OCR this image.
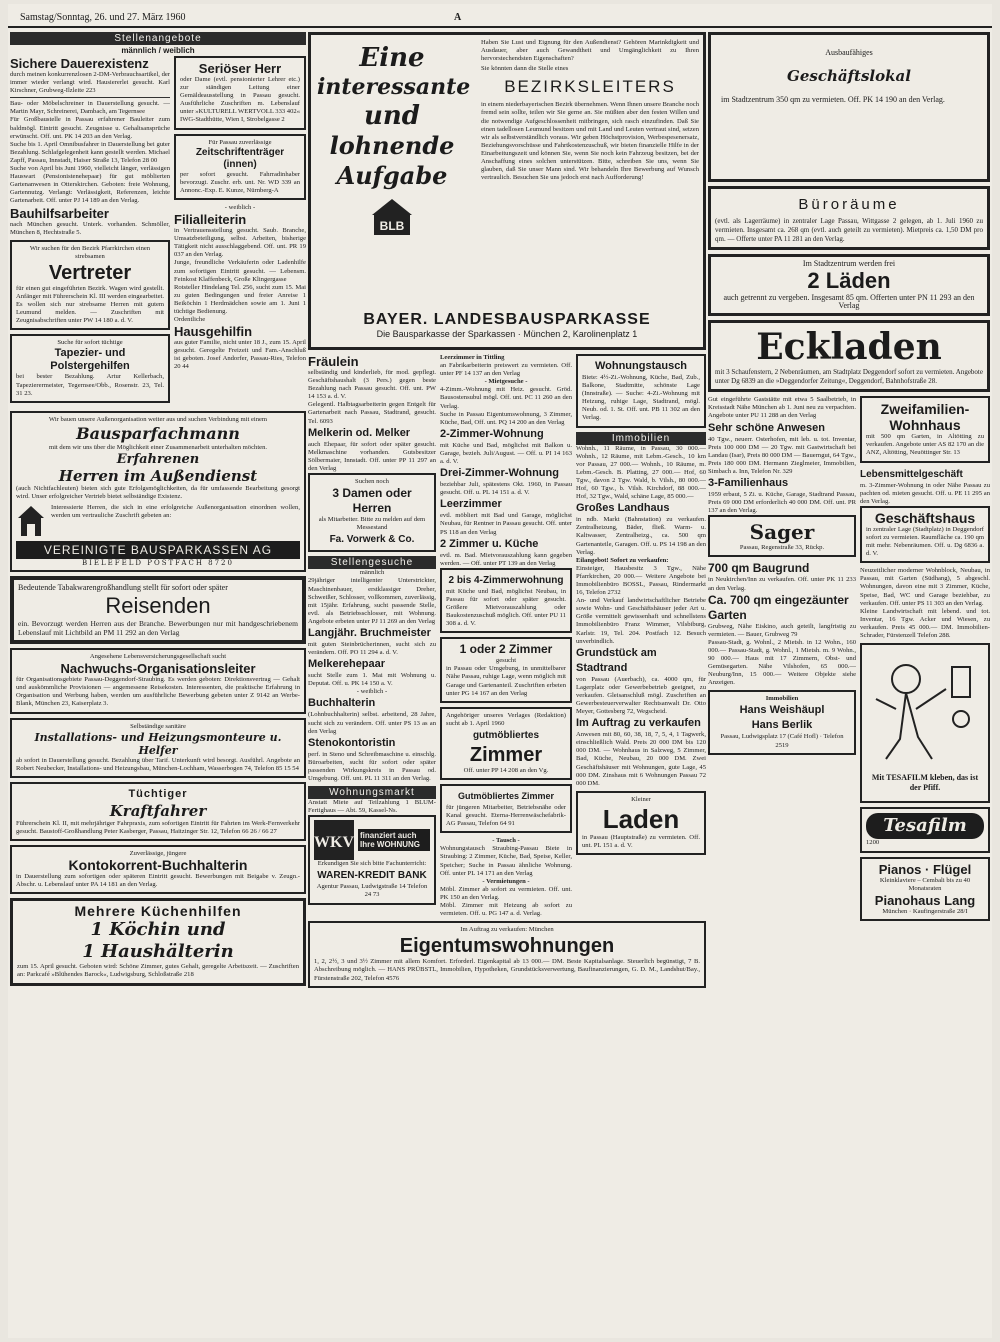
Samstag/Sonntag, 26. und 27. März 1960	A
Stellenangebote
männlich / weiblich
Sichere Dauerexistenz
durch meinen konkurrenzlosen 2-DM-Verbrauchsartikel, der immer wieder verlangt wird. Hausiererlei gesucht. Karl Kirschner, Grubweg-Ilzleite 223
Bau- oder Möbelschreiner in Dauerstellung gesucht. — Martin Mayr, Schreinerei, Dambach, am Tegernsee
Für Großbaustelle in Passau erfahrener Bauleiter zum baldmögl. Eintritt gesucht. Zeugnisse u. Gehaltsansprüche erwünscht. Off. unt. PK 14 203 an den Verlag.
Suche bis 1. April Omnibusfahrer in Dauerstellung bei guter Bezahlung. Schlafgelegenheit kann gestellt werden. Michael Zapff, Passau, Innstadt, Haiser Straße 13, Telefon 28 00
Suche von April bis Juni 1960, vielleicht länger, verlässigen Hauswart (Pensionistenehepaar) für gut möblierten Gartenanwesen in Otterskirchen. Geboten: freie Wohnung, Gartennutzg. Verlangt: Verlässigkeit, Referenzen, leichte Gartenarbeit. Off. unter PJ 14 189 an den Verlag.
Bauhilfsarbeiter
nach München gesucht. Unterk. vorhanden. Schmöller, München 8, Hechtstraße 5.
Wir suchen für den Bezirk Pfarrkirchen einen strebsamen
Vertreter
für einen gut eingeführten Bezirk. Wagen wird gestellt. Anfänger mit Führerschein Kl. III werden eingearbeitet. Es wollen sich nur strebsame Herren mit gutem Leumund melden. — Zuschriften mit Zeugnisabschriften unter PW 14 180 a. d. V.
Suche für sofort tüchtige
Tapezier- und Polstergehilfen
bei bester Bezahlung. Artur Kellerbach, Tapezierermeister, Tegernsee/Obb., Rosenstr. 23, Tel. 31 23.
Seriöser Herr
oder Dame (evtl. pensionierter Lehrer etc.) zur ständigen Leitung einer Gemäldeausstellung in Passau gesucht. Ausführliche Zuschriften m. Lebenslauf unter »KULTURELL WERTVOLL 333 402« IWG-Stadthütte, Wien I, Strobelgasse 2
Für Passau zuverlässige
Zeitschriftenträger (innen)
per sofort gesucht. Fahrradinhaber bevorzugt. Zuschr. erb. unt. Nr. WD 339 an Annonc.-Exp. E. Kunze, Nürnberg-A
- weiblich -
Filialleiterin
in Vertrauensstellung gesucht. Saub. Branche, Umsatzbeteiligung, selbst. Arbeiten, bisherige Tätigkeit nicht ausschlaggebend. Off. unt. PR 19 037 an den Verlag.
Junge, freundliche Verkäuferin oder Ladenhilfe zum sofortigen Eintritt gesucht. — Lebensm. Feinkost Klaffenbeck, Große Klingergasse
Rotsteller Hindelang Tel. 256, sucht zum 15. Mai zu guten Bedingungen und freier Anreise 1 Beiköchin 1 Herdmädchen sowie am 1. Juni 1 tüchtige Bedienung.
Ordentliche
Hausgehilfin
aus guter Familie, nicht unter 18 J., zum 15. April gesucht. Geregelte Freizeit und Fam.-Anschluß ist geboten. Josef Andorfer, Passau-Ries, Telefon 20 44
Wir bauen unsere Außenorganisation weiter aus und suchen Verbindung mit einem
Bausparfachmann
mit dem wir uns über die Möglichkeit einer Zusammenarbeit unterhalten möchten.
Erfahrenen
Herren im Außendienst
(auch Nichtfachleuten) bieten sich gute Erfolgsmöglichkeiten, da für umfassende Bearbeitung gesorgt wird. Unser erfolgreicher Vertrieb bietet selbständige Existenz.
Interessierte Herren, die sich in eine erfolgreiche Außenorganisation einordnen wollen, werden um vertrauliche Zuschrift gebeten an:
VEREINIGTE BAUSPARKASSEN AG
BIELEFELD POSTFACH 8720
Bedeutende Tabakwarengroßhandlung stellt für sofort oder später
Reisenden
ein. Bevorzugt werden Herren aus der Branche. Bewerbungen nur mit handgeschriebenem Lebenslauf mit Lichtbild an PM 11 292 an den Verlag
Angesehene Lebensversicherungsgesellschaft sucht
Nachwuchs-Organisationsleiter
für Organisationsgebiete Passau-Deggendorf-Straubing. Es werden geboten: Direktionsvertrag — Gehalt und auskömmliche Provisionen — angemessene Reisekosten. Interessenten, die praktische Erfahrung in Organisation und Werbung haben, werden um ausführliche Bewerbung gebeten unter Z 9142 an Werbe-Blank, München 23, Kaiserplatz 3.
Selbständige sanitäre
Installations- und Heizungsmonteure u. Helfer
ab sofort in Dauerstellung gesucht. Bezahlung über Tarif. Unterkunft wird besorgt. Ausführl. Angebote an Robert Neubecker, Installations- und Heizungsbau, München-Lochham, Wasserbogen 74, Telefon 85 15 54
Tüchtiger
Kraftfahrer
Führerschein Kl. II, mit mehrjähriger Fahrpraxis, zum sofortigen Eintritt für Fahrten im Werk-Fernverkehr gesucht. Baustoff-Großhandlung Peter Kasberger, Passau, Haitzinger Str. 12, Telefon 66 26 / 66 27
Zuverlässige, jüngere
Kontokorrent-Buchhalterin
in Dauerstellung zum sofortigen oder späteren Eintritt gesucht. Bewerbungen mit Beigabe v. Zeugn.-Abschr. u. Lebenslauf unter PA 14 181 an den Verlag.
Mehrere Küchenhilfen
1 Köchin und
1 Haushälterin
zum 15. April gesucht. Geboten wird: Schöne Zimmer, gutes Gehalt, geregelte Arbeitszeit. — Zuschriften an: Parkcafé »Blühendes Barock«, Ludwigsburg, Schloßstraße 218
Eine
interessante
und
lohnende
Aufgabe
BLB
Haben Sie Lust und Eignung für den Außendienst? Gehören Marinkdigkeit und Ausdauer, aber auch Gewandtheit und Umgänglichkeit zu Ihren hervorstechendsten Eigenschaften?
Sie könnten dann die Stelle eines
BEZIRKSLEITERS
in einem niederbayerischen Bezirk übernehmen. Wenn Ihnen unsere Branche noch fremd sein sollte, teilen wir Sie gerne an. Sie müßten aber den festen Willen und die notwendige Aufgeschlossenheit mitbringen, sich rasch einzufinden. Daß Sie einen tadellosen Leumund besitzen und mit Land und Leuten vertraut sind, setzen wir als selbstverständlich voraus. Wir geben Höchstprovision, Werbespesenersatz, Beziehungsvorschüsse und Fahrtkostenzuschuß, wir bieten finanzielle Hilfe in der Einarbeitungszeit und können Sie, wenn Sie noch kein Fahrzeug besitzen, bei der Anschaffung eines solchen unterstützen. Bitte, schreiben Sie uns, wenn Sie glauben, daß Sie unser Mann sind. Wir behandeln Ihre Bewerbung auf Wunsch vertraulich. Besuchen Sie uns jedoch erst nach Aufforderung!
BAYER. LANDESBAUSPARKASSE
Die Bausparkasse der Sparkassen · München 2, Karolinenplatz 1
Fräulein
selbständig und kinderlieb, für mod. gepflegt. Geschäftshaushalt (3 Pers.) gegen beste Bezahlung nach Passau gesucht. Off. unt. PW 14 153 a. d. V.
Gelegentl. Halbtagsarbeiterin gegen Entgelt für Gartenarbeit nach Passau, Stadtrand, gesucht. Tel. 6093
Melkerin od. Melker
auch Ehepaar, für sofort oder später gesucht. Melkmaschine vorhanden. Gutsbesitzer Sölbermaier, Innstadt. Off. unter PP 11 297 an den Verlag
Suchen noch
3 Damen oder Herren
als Mitarbeiter. Bitte zu melden auf dem Messestand
Fa. Vorwerk & Co.
Stellengesuche
männlich
29jähriger intelligenter Unterstrickter, Maschinenbauer, erstklassiger Dreher, Schweißer, Schlosser, vollkommen, zuverlässig, mit 15jähr. Erfahrung, sucht passende Stelle, evtl. als Betriebsschlosser, mit Wohnung. Angebote erbeten unter PJ 11 269 an den Verlag
Langjähr. Bruchmeister
mit guten Steinbrücherinnen, sucht sich zu verändern. Off. PO 11 294 a. d. V.
Melkerehepaar
sucht Stelle zum 1. Mai mit Wohnung u. Deputat. Off. u. PK 14 150 a. V.
- weiblich -
Buchhalterin
(Lohnbuchhalterin) selbst. arbeitend, 28 Jahre, sucht sich zu verändern. Off. unter PS 13 as an den Verlag
Stenokontoristin
perf. in Steno und Schreibmaschine u. einschlg. Büroarbeiten, sucht für sofort oder später passenden Wirkungskreis in Passau od. Umgebung. Off. unt. PL 11 311 an den Verlag.
Wohnungsmarkt
Anstatt Miete auf Teilzahlung 1 BLUM-Fertighaus — Abt. 59, Kassel-Ns.
WKV finanziert auch Ihre WOHNUNG
Erkundigen Sie sich bitte Fachunterricht:
WAREN-KREDIT BANK
Agentur Passau, Ludwigstraße 14 Telefon 24 73
Leerzimmer in Tittling
an Fabrikarbeiterin preiswert zu vermieten. Off. unter PF 14 137 an den Verlag
- Mietgesuche -
4-Zimm.-Wohnung mit Heiz. gesucht. Gröd. Bausostensubul mögl. Off. unt. PC 11 260 an den Verlag.
Suche in Passau Eigentumswohnung, 3 Zimmer, Küche, Bad, Off. unt. PQ 14 200 an den Verlag
2-Zimmer-Wohnung
mit Küche und Bad, möglichst mit Balkon u. Garage, bezieh. Juli/August. — Off. u. PI 14 163 a. d. V.
Drei-Zimmer-Wohnung
beziehbar Juli, spätestens Okt. 1960, in Passau gesucht. Off. u. PL 14 151 a. d. V.
Leerzimmer
evtl. möbliert mit Bad und Garage, möglichst Neubau, für Rentner in Passau gesucht. Off. unter PS 118 an den Verlag
2 Zimmer u. Küche
evtl. m. Bad. Mietvorauszahlung kann gegeben werden. — Off. unter PT 139 an den Verlag
2 bis 4-Zimmerwohnung
mit Küche und Bad, möglichst Neubau, in Passau für sofort oder später gesucht. Größere Mietvorauszahlung oder Baukostenzuschuß möglich. Off. unter PU 11 308 a. d. V.
1 oder 2 Zimmer
gesucht
in Passau oder Umgebung, in unmittelbarer Nähe Passau, ruhige Lage, wenn möglich mit Garage und Gartenanteil. Zuschriften erbeten unter PG 14 167 an den Verlag
Angehöriger unseres Verlages (Redaktion) sucht ab 1. April 1960
gutmöbliertes
Zimmer
Off. unter PP 14 208 an den Vg.
Gutmöbliertes Zimmer
für jüngeren Mitarbeiter, Betriebsnähe oder Kanal gesucht. Eterna-Herrenwäschefabrik-AG Passau, Telefon 64 91
- Tausch -
Wohnungstausch Straubing-Passau Biete in Straubing: 2 Zimmer, Küche, Bad, Speise, Keller, Speicher; Suche in Passau ähnliche Wohnung. Off. unter PL 14 171 an den Verlag
- Vermietungen -
Möbl. Zimmer ab sofort zu vermieten. Off. unt. PK 150 an den Verlag.
Möbl. Zimmer mit Heizung ab sofort zu vermieten. Off. u. PG 147 a. d. Verlag.
Wohnungstausch
Biete: 4½-Zi.-Wohnung, Küche, Bad, Zub., Balkone, Stadtmitte, schönste Lage (Innstraße). — Suche: 4-Zi.-Wohnung mit Heizung, ruhige Lage, Stadtrand, mögl. Neub. od. 1. St. Off. unt. PB 11 302 an den Verlag.
Immobilien
Wohnh., 11 Räume, in Passau, 30 000.— Wohnh., 12 Räume, mit Lebm.-Gesch., 10 km vor Passau, 27 000.— Wohnh., 10 Räume, m. Lebm.-Gesch. B. Platting, 27 000.— Hof, 60 Tgw., davon 2 Tgw. Wald, b. Vilsh., 80 000.— Hof, 60 Tgw., b. Vilsh. Kirchdorf, 88 000.— Hof, 32 Tgw., Wald, schäne Lage, 85 000.—
Großes Landhaus
in ndb. Markt (Bahnstation) zu verkaufen. Zentralheizung, Bäder, fließ. Warm- u. Kaltwasser, Zentralheizg., ca. 500 qm Gartenanteile, Garagen. Off. u. PS 14 198 an den Verlag.
Eilangebot! Sofort zu verkaufen:
Einsteiger, Hausbesitz 3 Tgw., Nähe Pfarrkirchen, 20 000.— Weitere Angebote bei Immobilienbüro BOSSL, Passau, Rindermarkt 16, Telefon 2732
An- und Verkauf landwirtschaftlicher Betriebe sowie Wohn- und Geschäftshäuser jeder Art u. Größe vermittelt gewissenhaft und schnellstens Immobilienbüro Franz Wimmer, Vilsbiburg, Karlstr. 19, Tel. 204. Postfach 12. Besuch unverbindlich.
Grundstück am Stadtrand
von Passau (Auerbach), ca. 4000 qm, für Lagerplatz oder Gewerbebetrieb geeignet, zu verkaufen. Gleisanschluß mögl. Zuschriften an Gewerbesteuerverwalter Rechtsanwalt Dr. Otto Meyer, Gottesberg 72, Wegscheid.
Im Auftrag zu verkaufen
Anwesen mit 80, 60, 38, 18, 7, 5, 4, 1 Tagwerk, einschließlich Wald. Preis 20 000 DM bis 120 000 DM. — Wohnhaus in Salzweg, 5 Zimmer, Bad, Küche, Neubau, 20 000 DM. Zwei Geschäftshäuser mit Wohnungen, gute Lage, 45 000 DM. Zinshaus mit 6 Wohnungen Passau 72 000 DM.
Kleiner
Laden
in Passau (Hauptstraße) zu vermieten. Off. unt. PL 151 a. d. V.
Im Auftrag zu verkaufen: München
Eigentumswohnungen
1, 2, 2½, 3 und 3½ Zimmer mit allem Komfort. Erforderl. Eigenkapital ab 13 000.— DM. Beste Kapitalsanlage. Steuerlich begünstigt, 7 B. Abschreibung möglich. — HANS PRÜBSTL, Immobilien, Hypotheken, Grundstücksverwertung, Baufinanzierungen, G. D. M., Landshut/Bay., Fürstenstraße 202, Telefon 4576
Ausbaufähiges
Geschäftslokal
im Stadtzentrum 350 qm zu vermieten. Off. PK 14 190 an den Verlag.
Büroräume
(evtl. als Lagerräume) in zentraler Lage Passau, Wittgasse 2 gelegen, ab 1. Juli 1960 zu vermieten. Insgesamt ca. 268 qm (evtl. auch geteilt zu vermieten). Mietpreis ca. 1,50 DM pro qm. — Offerte unter PA 11 281 an den Verlag.
Im Stadtzentrum werden frei
2 Läden
auch getrennt zu vergeben. Insgesamt 85 qm. Offerten unter PN 11 293 an den Verlag
Eckladen
mit 3 Schaufenstern, 2 Nebenräumen, am Stadtplatz Deggendorf sofort zu vermieten. Angebote unter Dg 6839 an die »Deggendorfer Zeitung«, Deggendorf, Bahnhofstraße 28.
Gut eingeführte Gaststätte mit etwa 5 Saalbetrieb, in Kreisstadt Nähe München ab 1. Juni neu zu verpachten. Angebote unter PU 11 288 an den Verlag
Sehr schöne Anwesen
40 Tgw., neuerr. Osterhofen, mit leb. u. tot. Inventar, Preis 100 000 DM — 20 Tgw. mit Gastwirtschaft bei Landau (Isar), Preis 80 000 DM — Bauerngut, 64 Tgw., Preis 180 000 DM. Hermann Zieglmeier, Immobilien, Simbach a. Inn, Telefon Nr. 329
3-Familienhaus
1959 erbaut, 5 Zi. u. Küche, Garage, Stadtrand Passau, Preis 69 000 DM erforderlich 40 000 DM. Off. unt. PR 137 an den Verlag.
Sager
Passau, Regenstraße 33, Rückp.
700 qm Baugrund
in Neukirchen/Inn zu verkaufen. Off. unter PK 11 233 an den Verlag.
Ca. 700 qm eingezäunter Garten
Grubweg, Nähe Eiskino, auch geteilt, langfristig zu vermieten. — Bauer, Grubweg 79
Passau-Stadt, g. Wohnl., 2 Mietsh. in 12 Wohn., 160 000.— Passau-Stadt, g. Wohnl., 1 Mietsh. m. 9 Wohn., 90 000.— Haus mit 17 Zimmern, Obst- und Gemüsegarten. Nähe Vilshofen, 65 000.— Neuburg/Inn, 15 000.— Weitere Objekte siehe Anzeigen.
Immobilien
Hans Weishäupl
Hans Berlik
Passau, Ludwigsplatz 17 (Café Hofl) · Telefon 2519
Zweifamilien-Wohnhaus
mit 500 qm Garten, in Altötting zu verkaufen. Angebote unter AS 82 170 an die ANZ, Altötting, Neuöttinger Str. 13
Lebensmittelgeschäft
m. 3-Zimmer-Wohnung in oder Nähe Passau zu pachten od. mieten gesucht. Off. u. PE 11 295 an den Verlag.
Geschäftshaus
in zentraler Lage (Stadtplatz) in Deggendorf sofort zu vermieten. Raumfläche ca. 190 qm mit mehr. Nebenräumen. Off. u. Dg 6836 a. d. V.
Neuzeitlicher moderner Wohnblock, Neubau, in Passau, mit Garten (Südhang), 5 abgeschl. Wohnungen, davon eine mit 3 Zimmer, Küche, Speise, Bad, WC und Garage beziehbar, zu verkaufen. Off. unter PS 11 303 an den Verlag.
Kleine Landwirtschaft mit lebend. und tot. Inventar, 16 Tgw. Acker und Wiesen, zu verkaufen. Preis 45 000.— DM. Immobilien-Schrader, Fürstenzell Telefon 288.
Mit TESAFILM kleben, das ist der Pfiff.
Tesafilm
1200
Pianos · Flügel
Kleinklaviere – Cembali bis zu 40 Monatsraten
Pianohaus Lang
München · Kaufingerstraße 28/I
